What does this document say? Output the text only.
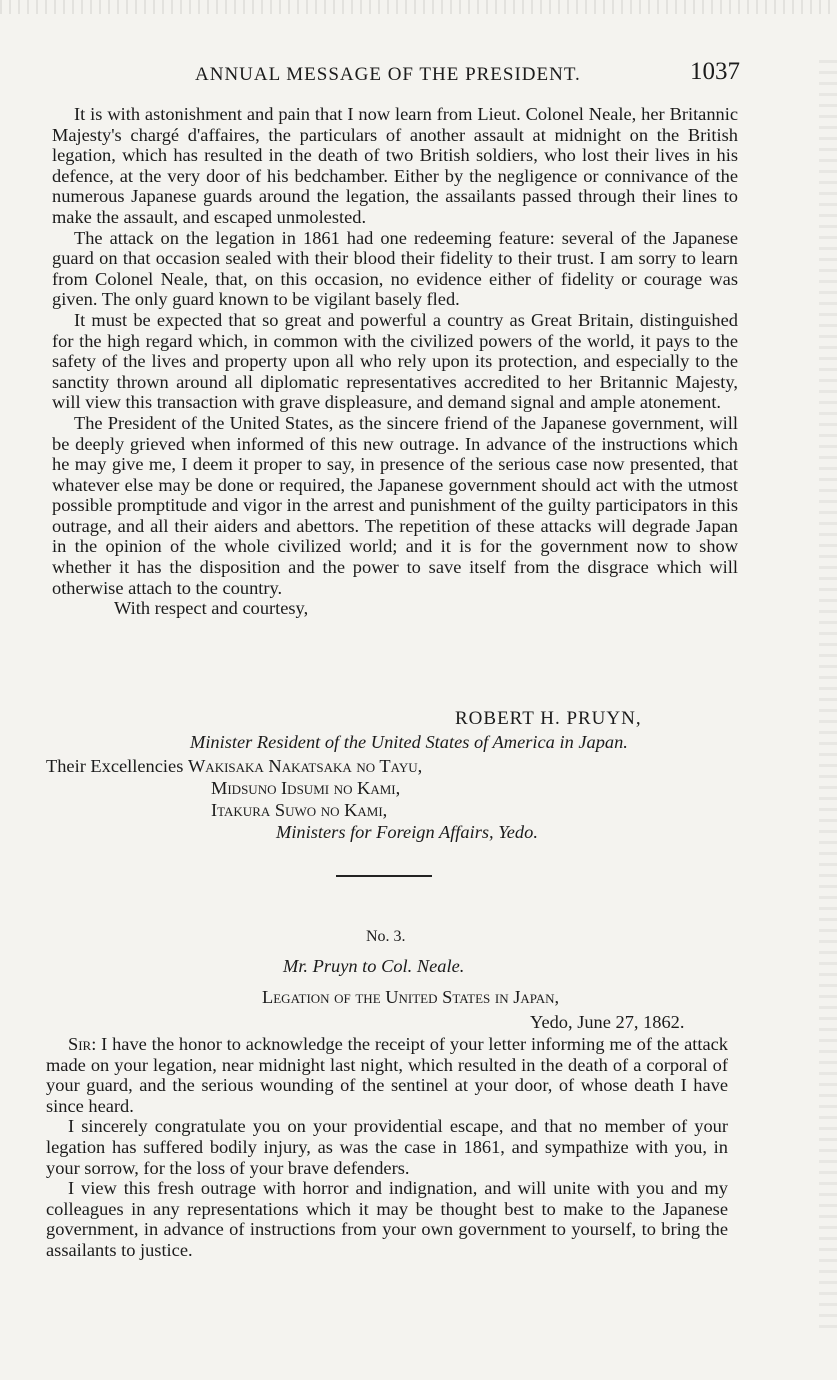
ANNUAL MESSAGE OF THE PRESIDENT.	1037

It is with astonishment and pain that I now learn from Lieut. Colonel Neale, her Britannic Majesty's chargé d'affaires, the particulars of another assault at midnight on the British legation, which has resulted in the death of two British soldiers, who lost their lives in his defence, at the very door of his bedchamber. Either by the negligence or connivance of the numerous Japanese guards around the legation, the assailants passed through their lines to make the assault, and escaped unmolested.

The attack on the legation in 1861 had one redeeming feature: several of the Japanese guard on that occasion sealed with their blood their fidelity to their trust. I am sorry to learn from Colonel Neale, that, on this occasion, no evidence either of fidelity or courage was given. The only guard known to be vigilant basely fled.

It must be expected that so great and powerful a country as Great Britain, distinguished for the high regard which, in common with the civilized powers of the world, it pays to the safety of the lives and property upon all who rely upon its protection, and especially to the sanctity thrown around all diplomatic representatives accredited to her Britannic Majesty, will view this transaction with grave displeasure, and demand signal and ample atonement.

The President of the United States, as the sincere friend of the Japanese government, will be deeply grieved when informed of this new outrage. In advance of the instructions which he may give me, I deem it proper to say, in presence of the serious case now presented, that whatever else may be done or required, the Japanese government should act with the utmost possible promptitude and vigor in the arrest and punishment of the guilty participators in this outrage, and all their aiders and abettors. The repetition of these attacks will degrade Japan in the opinion of the whole civilized world; and it is for the government now to show whether it has the disposition and the power to save itself from the disgrace which will otherwise attach to the country.

With respect and courtesy,

ROBERT H. PRUYN,
Minister Resident of the United States of America in Japan.
Their Excellencies Wakisaka Nakatsaka no Tayu,
Midsuno Idsumi no Kami,
Itakura Suwo no Kami,
Ministers for Foreign Affairs, Yedo.
No. 3.
Mr. Pruyn to Col. Neale.
Legation of the United States in Japan,
Yedo, June 27, 1862.

Sir: I have the honor to acknowledge the receipt of your letter informing me of the attack made on your legation, near midnight last night, which resulted in the death of a corporal of your guard, and the serious wounding of the sentinel at your door, of whose death I have since heard.

I sincerely congratulate you on your providential escape, and that no member of your legation has suffered bodily injury, as was the case in 1861, and sympathize with you, in your sorrow, for the loss of your brave defenders.

I view this fresh outrage with horror and indignation, and will unite with you and my colleagues in any representations which it may be thought best to make to the Japanese government, in advance of instructions from your own government to yourself, to bring the assailants to justice.
